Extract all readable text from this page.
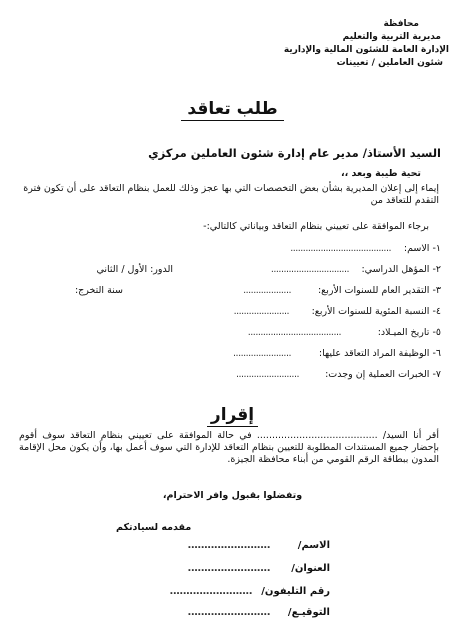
محافظة
مديرية التربية والتعليم
الإدارة العامة للشئون المالية والإدارية
شئون العاملين / تعيينات
طلب تعاقد
السيد الأستاذ/ مدير عام إدارة شئون العاملين مركزي
تحية طيبة وبعد ،،
إيماء إلى إعلان المديرية بشأن بعض التخصصات التي بها عجز وذلك للعمل بنظام التعاقد على أن تكون فترة التقدم للتعاقد من
برجاء الموافقة على تعييني بنظام التعاقد وبياناتي كالتالي:-
١- الاسم:
........................................
٢- المؤهل الدراسي:
...............................
الدور: الأول / الثاني
٣- التقدير العام للسنوات الأربع:
...................
سنة التخرج:
٤- النسبة المئوية للسنوات الأربع:
......................
٥- تاريخ الميـلاد:
.....................................
٦- الوظيفة المراد التعاقد عليها:
.......................
٧- الخبرات العملية إن وجدت:
.........................
إقرار
أقر أنا السيد/ ........................................ في حالة الموافقة على تعييني بنظام التعاقد سوف أقوم بإحضار جميع المستندات المطلوبة للتعيين بنظام التعاقد للإدارة التي سوف أعمل بها، وأن يكون محل الإقامة المدون ببطاقة الرقم القومي من أبناء محافظة الجيزة.
وتفضلوا بقبول وافر الاحترام،
مقدمه لسيادتكم
الاسم/
.........................
العنوان/
.........................
رقم التليفون/
.........................
التوقيـع/
.........................
